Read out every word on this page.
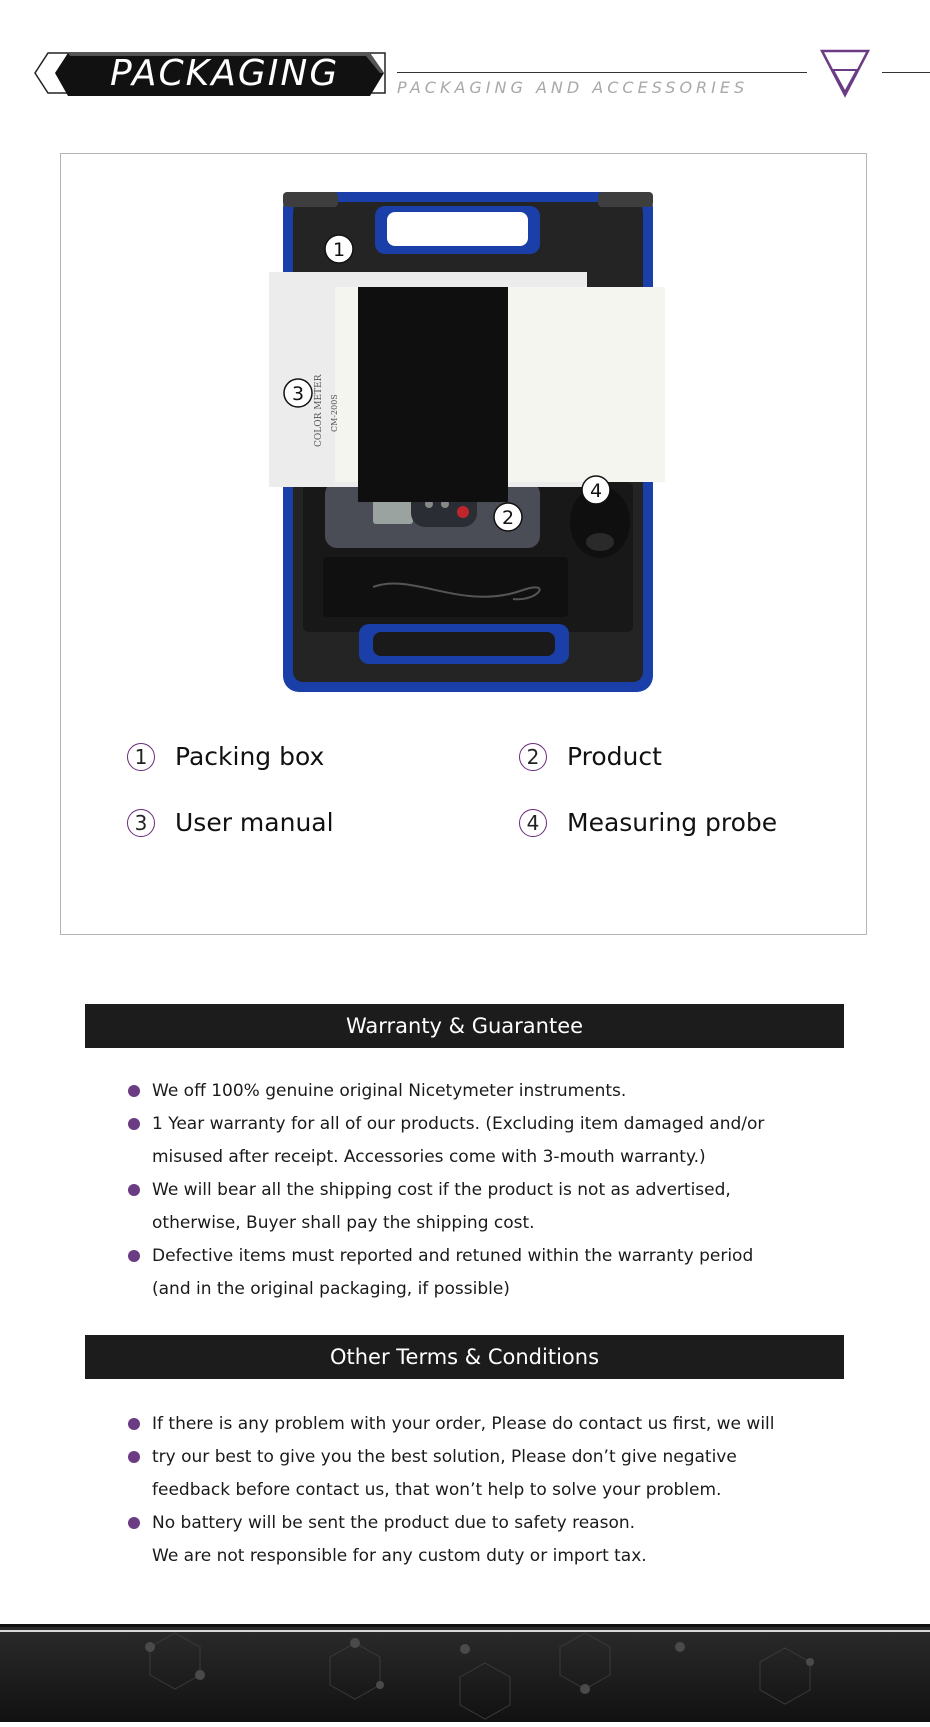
PACKAGING	PACKAGING AND ACCESSORIES
COLOR METER CM-200S
1
2
3
4
1	Packing box	2	Product
3	User manual	4	Measuring probe
Warranty & Guarantee
We off 100% genuine original Nicetymeter instruments.
1 Year warranty for all of our products. (Excluding item damaged and/or
misused after receipt. Accessories come with 3-mouth warranty.)
We will bear all the shipping cost if the product is not as advertised,
otherwise, Buyer shall pay the shipping cost.
Defective items must reported and retuned within the warranty period
(and in the original packaging, if possible)
Other Terms & Conditions
If there is any problem with your order, Please do contact us first, we will
try our best to give you the best solution, Please don’t give negative
feedback before contact us, that won’t help to solve your problem.
No battery will be sent the product due to safety reason.
We are not responsible for any custom duty or import tax.
